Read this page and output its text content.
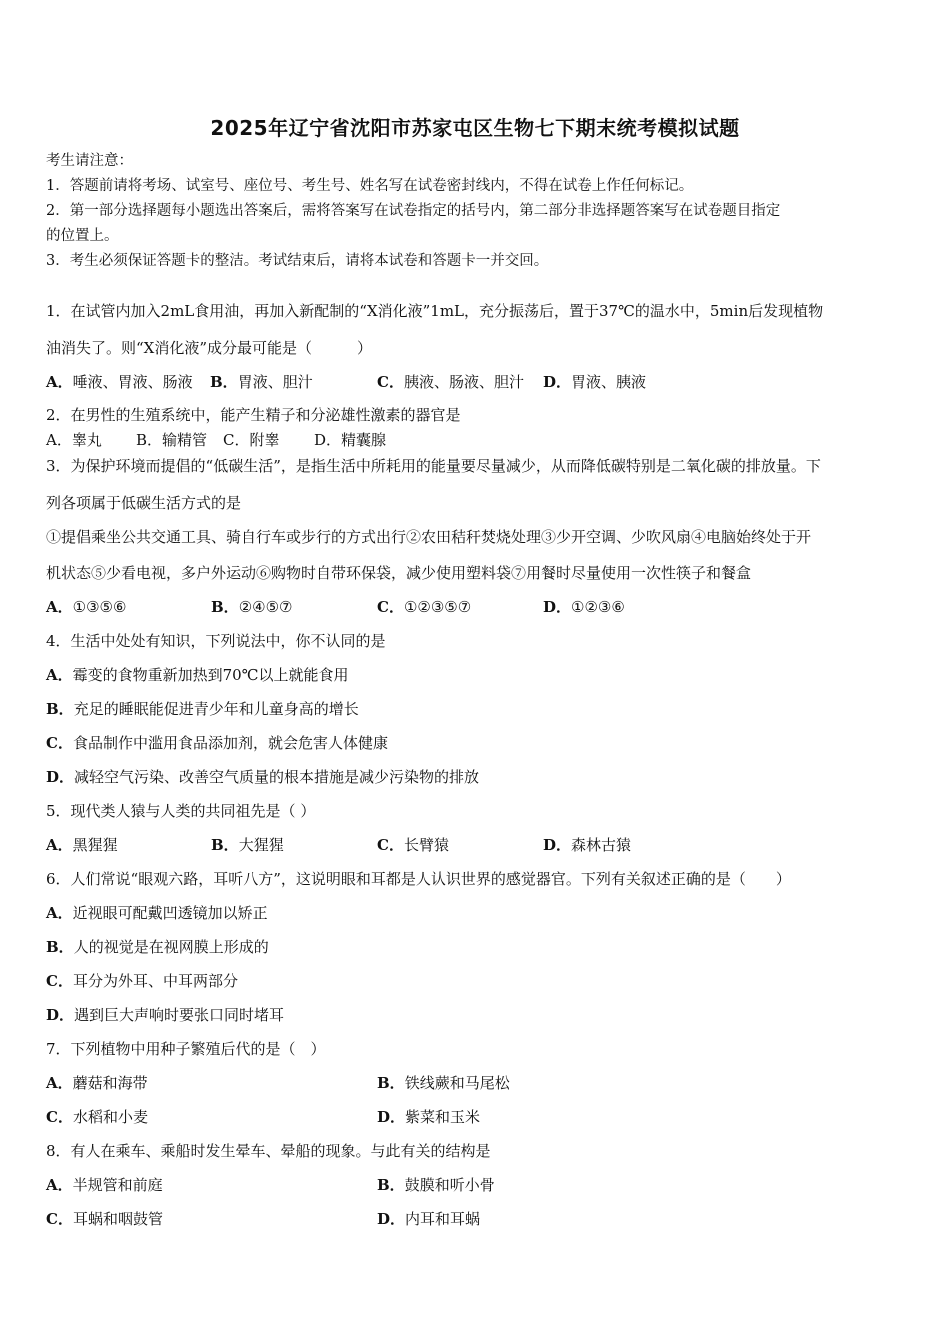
2025年辽宁省沈阳市苏家屯区生物七下期末统考模拟试题
考生请注意：
1．答题前请将考场、试室号、座位号、考生号、姓名写在试卷密封线内，不得在试卷上作任何标记。
2．第一部分选择题每小题选出答案后，需将答案写在试卷指定的括号内，第二部分非选择题答案写在试卷题目指定
的位置上。
3．考生必须保证答题卡的整洁。考试结束后，请将本试卷和答题卡一并交回。
1．在试管内加入2mL食用油，再加入新配制的“X消化液”1mL，充分振荡后，置于37℃的温水中，5min后发现植物
油消失了。则“X消化液”成分最可能是（　　　）
A．唾液、胃液、肠液 B．胃液、胆汁	C．胰液、肠液、胆汁 D．胃液、胰液
2．在男性的生殖系统中，能产生精子和分泌雄性激素的器官是
A．睾丸 B．输精管 C．附睾 D．精囊腺
3．为保护环境而提倡的“低碳生活”，是指生活中所耗用的能量要尽量减少，从而降低碳特别是二氧化碳的排放量。下
列各项属于低碳生活方式的是
①提倡乘坐公共交通工具、骑自行车或步行的方式出行②农田秸秆焚烧处理③少开空调、少吹风扇④电脑始终处于开
机状态⑤少看电视，多户外运动⑥购物时自带环保袋，减少使用塑料袋⑦用餐时尽量使用一次性筷子和餐盒
A．①③⑤⑥	B．②④⑤⑦	C．①②③⑤⑦	D．①②③⑥
4．生活中处处有知识，下列说法中，你不认同的是
A．霉变的食物重新加热到70℃以上就能食用
B．充足的睡眠能促进青少年和儿童身高的增长
C．食品制作中滥用食品添加剂，就会危害人体健康
D．减轻空气污染、改善空气质量的根本措施是减少污染物的排放
5．现代类人猿与人类的共同祖先是（ ）
A．黑猩猩	B．大猩猩	C．长臂猿	D．森林古猿
6．人们常说“眼观六路，耳听八方”，这说明眼和耳都是人认识世界的感觉器官。下列有关叙述正确的是（　　）
A．近视眼可配戴凹透镜加以矫正
B．人的视觉是在视网膜上形成的
C．耳分为外耳、中耳两部分
D．遇到巨大声响时要张口同时堵耳
7．下列植物中用种子繁殖后代的是（　）
A．蘑菇和海带	B．铁线蕨和马尾松
C．水稻和小麦	D．紫菜和玉米
8．有人在乘车、乘船时发生晕车、晕船的现象。与此有关的结构是
A．半规管和前庭	B．鼓膜和听小骨
C．耳蜗和咽鼓管	D．内耳和耳蜗
